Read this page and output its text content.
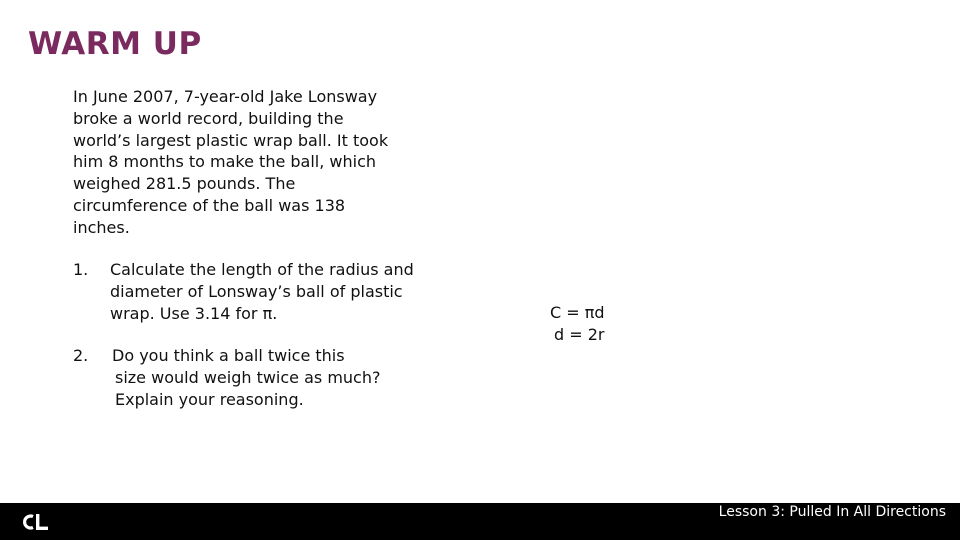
WARM UP

In June 2007, 7-year-old Jake Lonsway broke a world record, building the world’s largest plastic wrap ball. It took him 8 months to make the ball, which weighed 281.5 pounds. The circumference of the ball was 138 inches.

1. Calculate the length of the radius and
diameter of Lonsway’s ball of plastic
wrap. Use 3.14 for π.
2. Do you think a ball twice this
size would weigh twice as much?
Explain your reasoning.
C = πd
d = 2r
Lesson 3: Pulled In All Directions
